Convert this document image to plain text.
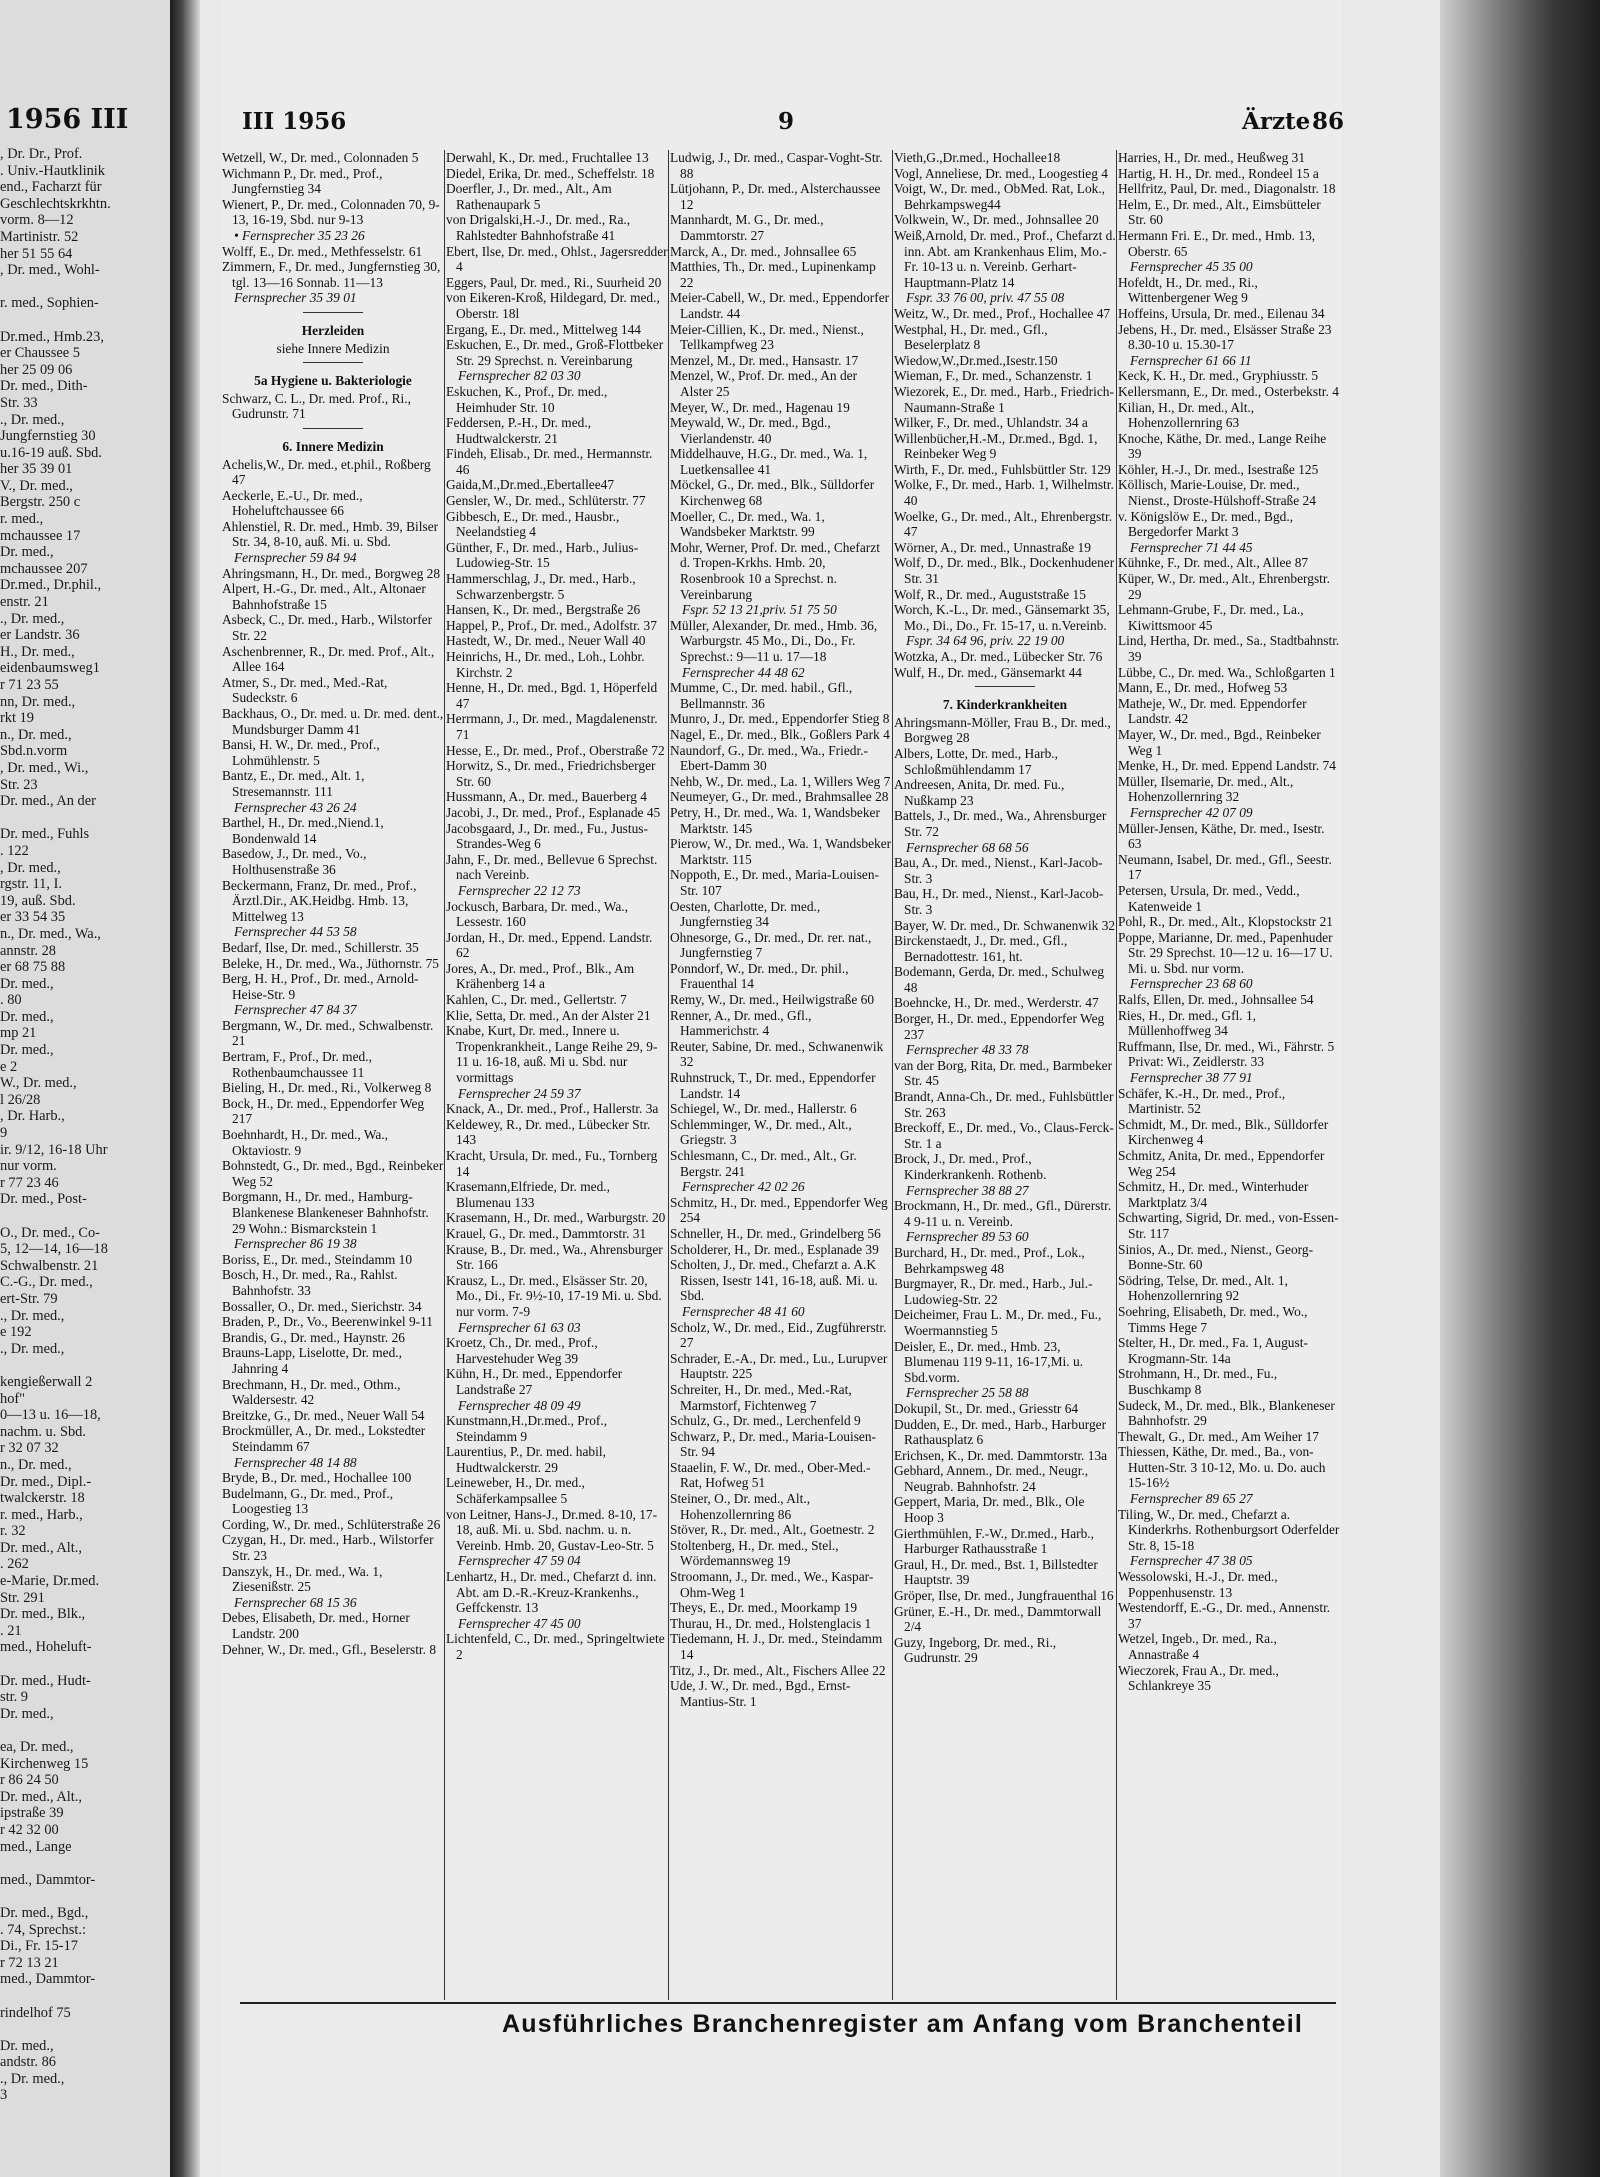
1956 III
, Dr. Dr., Prof.
. Univ.-Hautklinik
end., Facharzt für
Geschlechtskrkhtn.
vorm. 8—12
Martinistr. 52
her 51 55 64
, Dr. med., Wohl-
r. med., Sophien-
Dr.med., Hmb.23,
er Chaussee 5
her 25 09 06
Dr. med., Dith-
Str. 33
., Dr. med.,
Jungfernstieg 30
u.16-19 auß. Sbd.
her 35 39 01
V., Dr. med.,
Bergstr. 250 c
r. med.,
mchaussee 17
Dr. med.,
mchaussee 207
Dr.med., Dr.phil.,
enstr. 21
., Dr. med.,
er Landstr. 36
H., Dr. med.,
eidenbaumsweg1
r 71 23 55
nn, Dr. med.,
rkt 19
n., Dr. med.,
Sbd.n.vorm
, Dr. med., Wi.,
Str. 23
Dr. med., An der
Dr. med., Fuhls
. 122
, Dr. med.,
rgstr. 11, I.
19, auß. Sbd.
er 33 54 35
n., Dr. med., Wa.,
annstr. 28
er 68 75 88
Dr. med.,
. 80
Dr. med.,
mp 21
Dr. med.,
e 2
W., Dr. med.,
l 26/28
, Dr. Harb.,
9
ir. 9/12, 16-18 Uhr
nur vorm.
r 77 23 46
Dr. med., Post-
O., Dr. med., Co-
5, 12—14, 16—18
Schwalbenstr. 21
C.-G., Dr. med.,
ert-Str. 79
., Dr. med.,
e 192
., Dr. med.,
kengießerwall 2
hof"
0—13 u. 16—18,
nachm. u. Sbd.
r 32 07 32
n., Dr. med.,
Dr. med., Dipl.-
twalckerstr. 18
r. med., Harb.,
r. 32
Dr. med., Alt.,
. 262
e-Marie, Dr.med.
Str. 291
Dr. med., Blk.,
. 21
med., Hoheluft-
Dr. med., Hudt-
str. 9
Dr. med.,
ea, Dr. med.,
Kirchenweg 15
r 86 24 50
Dr. med., Alt.,
ipstraße 39
r 42 32 00
med., Lange
med., Dammtor-
Dr. med., Bgd.,
. 74, Sprechst.:
Di., Fr. 15-17
r 72 13 21
med., Dammtor-
rindelhof 75
Dr. med.,
andstr. 86
., Dr. med.,
3
III 1956	9	Ärzte 86
Wetzell, W., Dr. med., Colonnaden 5
Wichmann P., Dr. med., Prof., Jungfernstieg 34
Wienert, P., Dr. med., Colonnaden 70, 9-13, 16-19, Sbd. nur 9-13
• Fernsprecher 35 23 26
Wolff, E., Dr. med., Methfesselstr. 61
Zimmern, F., Dr. med., Jungfernstieg 30, tgl. 13—16 Sonnab. 11—13
Fernsprecher 35 39 01
Herzleiden
siehe Innere Medizin
5a Hygiene u. Bakteriologie
Schwarz, C. L., Dr. med. Prof., Ri., Gudrunstr. 71
6. Innere Medizin
Achelis,W., Dr. med., et.phil., Roßberg 47
Aeckerle, E.-U., Dr. med., Hoheluftchaussee 66
Ahlenstiel, R. Dr. med., Hmb. 39, Bilser Str. 34, 8-10, auß. Mi. u. Sbd.
Fernsprecher 59 84 94
Ahringsmann, H., Dr. med., Borgweg 28
Alpert, H.-G., Dr. med., Alt., Altonaer Bahnhofstraße 15
Asbeck, C., Dr. med., Harb., Wilstorfer Str. 22
Aschenbrenner, R., Dr. med. Prof., Alt., Allee 164
Atmer, S., Dr. med., Med.-Rat, Sudeckstr. 6
Backhaus, O., Dr. med. u. Dr. med. dent., Mundsburger Damm 41
Bansi, H. W., Dr. med., Prof., Lohmühlenstr. 5
Bantz, E., Dr. med., Alt. 1, Stresemannstr. 111
Fernsprecher 43 26 24
Barthel, H., Dr. med.,Niend.1, Bondenwald 14
Basedow, J., Dr. med., Vo., Holthusenstraße 36
Beckermann, Franz, Dr. med., Prof., Ärztl.Dir., AK.Heidbg. Hmb. 13, Mittelweg 13
Fernsprecher 44 53 58
Bedarf, Ilse, Dr. med., Schillerstr. 35
Beleke, H., Dr. med., Wa., Jüthornstr. 75
Berg, H. H., Prof., Dr. med., Arnold-Heise-Str. 9
Fernsprecher 47 84 37
Bergmann, W., Dr. med., Schwalbenstr. 21
Bertram, F., Prof., Dr. med., Rothenbaumchaussee 11
Bieling, H., Dr. med., Ri., Volkerweg 8
Bock, H., Dr. med., Eppendorfer Weg 217
Boehnhardt, H., Dr. med., Wa., Oktaviostr. 9
Bohnstedt, G., Dr. med., Bgd., Reinbeker Weg 52
Borgmann, H., Dr. med., Hamburg-Blankenese Blankeneser Bahnhofstr. 29 Wohn.: Bismarckstein 1
Fernsprecher 86 19 38
Boriss, E., Dr. med., Steindamm 10
Bosch, H., Dr. med., Ra., Rahlst. Bahnhofstr. 33
Bossaller, O., Dr. med., Sierichstr. 34
Braden, P., Dr., Vo., Beerenwinkel 9-11
Brandis, G., Dr. med., Haynstr. 26
Brauns-Lapp, Liselotte, Dr. med., Jahnring 4
Brechmann, H., Dr. med., Othm., Waldersestr. 42
Breitzke, G., Dr. med., Neuer Wall 54
Brockmüller, A., Dr. med., Lokstedter Steindamm 67
Fernsprecher 48 14 88
Bryde, B., Dr. med., Hochallee 100
Budelmann, G., Dr. med., Prof., Loogestieg 13
Cording, W., Dr. med., Schlüterstraße 26
Czygan, H., Dr. med., Harb., Wilstorfer Str. 23
Danszyk, H., Dr. med., Wa. 1, Ziesenißstr. 25
Fernsprecher 68 15 36
Debes, Elisabeth, Dr. med., Horner Landstr. 200
Dehner, W., Dr. med., Gfl., Beselerstr. 8
Derwahl, K., Dr. med., Fruchtallee 13
Diedel, Erika, Dr. med., Scheffelstr. 18
Doerfler, J., Dr. med., Alt., Am Rathenaupark 5
von Drigalski,H.-J., Dr. med., Ra., Rahlstedter Bahnhofstraße 41
Ebert, Ilse, Dr. med., Ohlst., Jagersredder 4
Eggers, Paul, Dr. med., Ri., Suurheid 20
von Eikeren-Kroß, Hildegard, Dr. med., Oberstr. 18l
Ergang, E., Dr. med., Mittelweg 144
Eskuchen, E., Dr. med., Groß-Flottbeker Str. 29 Sprechst. n. Vereinbarung
Fernsprecher 82 03 30
Eskuchen, K., Prof., Dr. med., Heimhuder Str. 10
Feddersen, P.-H., Dr. med., Hudtwalckerstr. 21
Findeh, Elisab., Dr. med., Hermannstr. 46
Gaida,M.,Dr.med.,Ebertallee47
Gensler, W., Dr. med., Schlüterstr. 77
Gibbesch, E., Dr. med., Hausbr., Neelandstieg 4
Günther, F., Dr. med., Harb., Julius-Ludowieg-Str. 15
Hammerschlag, J., Dr. med., Harb., Schwarzenbergstr. 5
Hansen, K., Dr. med., Bergstraße 26
Happel, P., Prof., Dr. med., Adolfstr. 37
Hastedt, W., Dr. med., Neuer Wall 40
Heinrichs, H., Dr. med., Loh., Lohbr. Kirchstr. 2
Henne, H., Dr. med., Bgd. 1, Höperfeld 47
Herrmann, J., Dr. med., Magdalenenstr. 71
Hesse, E., Dr. med., Prof., Oberstraße 72
Horwitz, S., Dr. med., Friedrichsberger Str. 60
Hussmann, A., Dr. med., Bauerberg 4
Jacobi, J., Dr. med., Prof., Esplanade 45
Jacobsgaard, J., Dr. med., Fu., Justus-Strandes-Weg 6
Jahn, F., Dr. med., Bellevue 6 Sprechst. nach Vereinb.
Fernsprecher 22 12 73
Jockusch, Barbara, Dr. med., Wa., Lessestr. 160
Jordan, H., Dr. med., Eppend. Landstr. 62
Jores, A., Dr. med., Prof., Blk., Am Krähenberg 14 a
Kahlen, C., Dr. med., Gellertstr. 7
Klie, Setta, Dr. med., An der Alster 21
Knabe, Kurt, Dr. med., Innere u. Tropenkrankheit., Lange Reihe 29, 9-11 u. 16-18, auß. Mi u. Sbd. nur vormittags
Fernsprecher 24 59 37
Knack, A., Dr. med., Prof., Hallerstr. 3a
Keldewey, R., Dr. med., Lübecker Str. 143
Kracht, Ursula, Dr. med., Fu., Tornberg 14
Krasemann,Elfriede, Dr. med., Blumenau 133
Krasemann, H., Dr. med., Warburgstr. 20
Krauel, G., Dr. med., Dammtorstr. 31
Krause, B., Dr. med., Wa., Ahrensburger Str. 166
Krausz, L., Dr. med., Elsässer Str. 20, Mo., Di., Fr. 9½-10, 17-19 Mi. u. Sbd. nur vorm. 7-9
Fernsprecher 61 63 03
Kroetz, Ch., Dr. med., Prof., Harvestehuder Weg 39
Kühn, H., Dr. med., Eppendorfer Landstraße 27
Fernsprecher 48 09 49
Kunstmann,H.,Dr.med., Prof., Steindamm 9
Laurentius, P., Dr. med. habil, Hudtwalckerstr. 29
Leineweber, H., Dr. med., Schäferkampsallee 5
von Leitner, Hans-J., Dr.med. 8-10, 17-18, auß. Mi. u. Sbd. nachm. u. n. Vereinb. Hmb. 20, Gustav-Leo-Str. 5
Fernsprecher 47 59 04
Lenhartz, H., Dr. med., Chefarzt d. inn. Abt. am D.-R.-Kreuz-Krankenhs., Geffckenstr. 13
Fernsprecher 47 45 00
Lichtenfeld, C., Dr. med., Springeltwiete 2
Ludwig, J., Dr. med., Caspar-Voght-Str. 88
Lütjohann, P., Dr. med., Alsterchaussee 12
Mannhardt, M. G., Dr. med., Dammtorstr. 27
Marck, A., Dr. med., Johnsallee 65
Matthies, Th., Dr. med., Lupinenkamp 22
Meier-Cabell, W., Dr. med., Eppendorfer Landstr. 44
Meier-Cillien, K., Dr. med., Nienst., Tellkampfweg 23
Menzel, M., Dr. med., Hansastr. 17
Menzel, W., Prof. Dr. med., An der Alster 25
Meyer, W., Dr. med., Hagenau 19
Meywald, W., Dr. med., Bgd., Vierlandenstr. 40
Middelhauve, H.G., Dr. med., Wa. 1, Luetkensallee 41
Möckel, G., Dr. med., Blk., Sülldorfer Kirchenweg 68
Moeller, C., Dr. med., Wa. 1, Wandsbeker Marktstr. 99
Mohr, Werner, Prof. Dr. med., Chefarzt d. Tropen-Krkhs. Hmb. 20, Rosenbrook 10 a Sprechst. n. Vereinbarung
Fspr. 52 13 21,priv. 51 75 50
Müller, Alexander, Dr. med., Hmb. 36, Warburgstr. 45 Mo., Di., Do., Fr. Sprechst.: 9—11 u. 17—18
Fernsprecher 44 48 62
Mumme, C., Dr. med. habil., Gfl., Bellmannstr. 36
Munro, J., Dr. med., Eppendorfer Stieg 8
Nagel, E., Dr. med., Blk., Goßlers Park 4
Naundorf, G., Dr. med., Wa., Friedr.-Ebert-Damm 30
Nehb, W., Dr. med., La. 1, Willers Weg 7
Neumeyer, G., Dr. med., Brahmsallee 28
Petry, H., Dr. med., Wa. 1, Wandsbeker Marktstr. 145
Pierow, W., Dr. med., Wa. 1, Wandsbeker Marktstr. 115
Noppoth, E., Dr. med., Maria-Louisen-Str. 107
Oesten, Charlotte, Dr. med., Jungfernstieg 34
Ohnesorge, G., Dr. med., Dr. rer. nat., Jungfernstieg 7
Ponndorf, W., Dr. med., Dr. phil., Frauenthal 14
Remy, W., Dr. med., Heilwigstraße 60
Renner, A., Dr. med., Gfl., Hammerichstr. 4
Reuter, Sabine, Dr. med., Schwanenwik 32
Ruhnstruck, T., Dr. med., Eppendorfer Landstr. 14
Schiegel, W., Dr. med., Hallerstr. 6
Schlemminger, W., Dr. med., Alt., Griegstr. 3
Schlesmann, C., Dr. med., Alt., Gr. Bergstr. 241
Fernsprecher 42 02 26
Schmitz, H., Dr. med., Eppendorfer Weg 254
Schneller, H., Dr. med., Grindelberg 56
Scholderer, H., Dr. med., Esplanade 39
Scholten, J., Dr. med., Chefarzt a. A.K Rissen, Isestr 141, 16-18, auß. Mi. u. Sbd.
Fernsprecher 48 41 60
Scholz, W., Dr. med., Eid., Zugführerstr. 27
Schrader, E.-A., Dr. med., Lu., Lurupver Hauptstr. 225
Schreiter, H., Dr. med., Med.-Rat, Marmstorf, Fichtenweg 7
Schulz, G., Dr. med., Lerchenfeld 9
Schwarz, P., Dr. med., Maria-Louisen-Str. 94
Staaelin, F. W., Dr. med., Ober-Med.-Rat, Hofweg 51
Steiner, O., Dr. med., Alt., Hohenzollernring 86
Stöver, R., Dr. med., Alt., Goetnestr. 2
Stoltenberg, H., Dr. med., Stel., Wördemannsweg 19
Stroomann, J., Dr. med., We., Kaspar-Ohm-Weg 1
Theys, E., Dr. med., Moorkamp 19
Thurau, H., Dr. med., Holstenglacis 1
Tiedemann, H. J., Dr. med., Steindamm 14
Titz, J., Dr. med., Alt., Fischers Allee 22
Ude, J. W., Dr. med., Bgd., Ernst-Mantius-Str. 1
Vieth,G.,Dr.med., Hochallee18
Vogl, Anneliese, Dr. med., Loogestieg 4
Voigt, W., Dr. med., ObMed. Rat, Lok., Behrkampsweg44
Volkwein, W., Dr. med., Johnsallee 20
Weiß,Arnold, Dr. med., Prof., Chefarzt d. inn. Abt. am Krankenhaus Elim, Mo.-Fr. 10-13 u. n. Vereinb. Gerhart-Hauptmann-Platz 14
Fspr. 33 76 00, priv. 47 55 08
Weitz, W., Dr. med., Prof., Hochallee 47
Westphal, H., Dr. med., Gfl., Beselerplatz 8
Wiedow,W.,Dr.med.,Isestr.150
Wieman, F., Dr. med., Schanzenstr. 1
Wiezorek, E., Dr. med., Harb., Friedrich-Naumann-Straße 1
Wilker, F., Dr. med., Uhlandstr. 34 a
Willenbücher,H.-M., Dr.med., Bgd. 1, Reinbeker Weg 9
Wirth, F., Dr. med., Fuhlsbüttler Str. 129
Wolke, F., Dr. med., Harb. 1, Wilhelmstr. 40
Woelke, G., Dr. med., Alt., Ehrenbergstr. 47
Wörner, A., Dr. med., Unnastraße 19
Wolf, D., Dr. med., Blk., Dockenhudener Str. 31
Wolf, R., Dr. med., Auguststraße 15
Worch, K.-L., Dr. med., Gänsemarkt 35, Mo., Di., Do., Fr. 15-17, u. n.Vereinb.
Fspr. 34 64 96, priv. 22 19 00
Wotzka, A., Dr. med., Lübecker Str. 76
Wulf, H., Dr. med., Gänsemarkt 44
7. Kinderkrankheiten
Ahringsmann-Möller, Frau B., Dr. med., Borgweg 28
Albers, Lotte, Dr. med., Harb., Schloßmühlendamm 17
Andreesen, Anita, Dr. med. Fu., Nußkamp 23
Battels, J., Dr. med., Wa., Ahrensburger Str. 72
Fernsprecher 68 68 56
Bau, A., Dr. med., Nienst., Karl-Jacob-Str. 3
Bau, H., Dr. med., Nienst., Karl-Jacob-Str. 3
Bayer, W. Dr. med., Dr. Schwanenwik 32
Birckenstaedt, J., Dr. med., Gfl., Bernadottestr. 161, ht.
Bodemann, Gerda, Dr. med., Schulweg 48
Boehncke, H., Dr. med., Werderstr. 47
Borger, H., Dr. med., Eppendorfer Weg 237
Fernsprecher 48 33 78
van der Borg, Rita, Dr. med., Barmbeker Str. 45
Brandt, Anna-Ch., Dr. med., Fuhlsbüttler Str. 263
Breckoff, E., Dr. med., Vo., Claus-Ferck-Str. 1 a
Brock, J., Dr. med., Prof., Kinderkrankenh. Rothenb.
Fernsprecher 38 88 27
Brockmann, H., Dr. med., Gfl., Dürerstr. 4 9-11 u. n. Vereinb.
Fernsprecher 89 53 60
Burchard, H., Dr. med., Prof., Lok., Behrkampsweg 48
Burgmayer, R., Dr. med., Harb., Jul.-Ludowieg-Str. 22
Deicheimer, Frau L. M., Dr. med., Fu., Woermannstieg 5
Deisler, E., Dr. med., Hmb. 23, Blumenau 119 9-11, 16-17,Mi. u. Sbd.vorm.
Fernsprecher 25 58 88
Dokupil, St., Dr. med., Griesstr 64
Dudden, E., Dr. med., Harb., Harburger Rathausplatz 6
Erichsen, K., Dr. med. Dammtorstr. 13a
Gebhard, Annem., Dr. med., Neugr., Neugrab. Bahnhofstr. 24
Geppert, Maria, Dr. med., Blk., Ole Hoop 3
Gierthmühlen, F.-W., Dr.med., Harb., Harburger Rathausstraße 1
Graul, H., Dr. med., Bst. 1, Billstedter Hauptstr. 39
Gröper, Ilse, Dr. med., Jungfrauenthal 16
Grüner, E.-H., Dr. med., Dammtorwall 2/4
Guzy, Ingeborg, Dr. med., Ri., Gudrunstr. 29
Harries, H., Dr. med., Heußweg 31
Hartig, H. H., Dr. med., Rondeel 15 a
Hellfritz, Paul, Dr. med., Diagonalstr. 18
Helm, E., Dr. med., Alt., Eimsbütteler Str. 60
Hermann Fri. E., Dr. med., Hmb. 13, Oberstr. 65
Fernsprecher 45 35 00
Hofeldt, H., Dr. med., Ri., Wittenbergener Weg 9
Hoffeins, Ursula, Dr. med., Eilenau 34
Jebens, H., Dr. med., Elsässer Straße 23 8.30-10 u. 15.30-17
Fernsprecher 61 66 11
Keck, K. H., Dr. med., Gryphiusstr. 5
Kellersmann, E., Dr. med., Osterbekstr. 4
Kilian, H., Dr. med., Alt., Hohenzollernring 63
Knoche, Käthe, Dr. med., Lange Reihe 39
Köhler, H.-J., Dr. med., Isestraße 125
Köllisch, Marie-Louise, Dr. med., Nienst., Droste-Hülshoff-Straße 24
v. Königslöw E., Dr. med., Bgd., Bergedorfer Markt 3
Fernsprecher 71 44 45
Kühnke, F., Dr. med., Alt., Allee 87
Küper, W., Dr. med., Alt., Ehrenbergstr. 29
Lehmann-Grube, F., Dr. med., La., Kiwittsmoor 45
Lind, Hertha, Dr. med., Sa., Stadtbahnstr. 39
Lübbe, C., Dr. med. Wa., Schloßgarten 1
Mann, E., Dr. med., Hofweg 53
Matheje, W., Dr. med. Eppendorfer Landstr. 42
Mayer, W., Dr. med., Bgd., Reinbeker Weg 1
Menke, H., Dr. med. Eppend Landstr. 74
Müller, Ilsemarie, Dr. med., Alt., Hohenzollernring 32
Fernsprecher 42 07 09
Müller-Jensen, Käthe, Dr. med., Isestr. 63
Neumann, Isabel, Dr. med., Gfl., Seestr. 17
Petersen, Ursula, Dr. med., Vedd., Katenweide 1
Pohl, R., Dr. med., Alt., Klopstockstr 21
Poppe, Marianne, Dr. med., Papenhuder Str. 29 Sprechst. 10—12 u. 16—17 U. Mi. u. Sbd. nur vorm.
Fernsprecher 23 68 60
Ralfs, Ellen, Dr. med., Johnsallee 54
Ries, H., Dr. med., Gfl. 1, Müllenhoffweg 34
Ruffmann, Ilse, Dr. med., Wi., Fährstr. 5 Privat: Wi., Zeidlerstr. 33
Fernsprecher 38 77 91
Schäfer, K.-H., Dr. med., Prof., Martinistr. 52
Schmidt, M., Dr. med., Blk., Sülldorfer Kirchenweg 4
Schmitz, Anita, Dr. med., Eppendorfer Weg 254
Schmitz, H., Dr. med., Winterhuder Marktplatz 3/4
Schwarting, Sigrid, Dr. med., von-Essen-Str. 117
Sinios, A., Dr. med., Nienst., Georg-Bonne-Str. 60
Södring, Telse, Dr. med., Alt. 1, Hohenzollernring 92
Soehring, Elisabeth, Dr. med., Wo., Timms Hege 7
Stelter, H., Dr. med., Fa. 1, August-Krogmann-Str. 14a
Strohmann, H., Dr. med., Fu., Buschkamp 8
Sudeck, M., Dr. med., Blk., Blankeneser Bahnhofstr. 29
Thewalt, G., Dr. med., Am Weiher 17
Thiessen, Käthe, Dr. med., Ba., von-Hutten-Str. 3 10-12, Mo. u. Do. auch 15-16½
Fernsprecher 89 65 27
Tiling, W., Dr. med., Chefarzt a. Kinderkrhs. Rothenburgsort Oderfelder Str. 8, 15-18
Fernsprecher 47 38 05
Wessolowski, H.-J., Dr. med., Poppenhusenstr. 13
Westendorff, E.-G., Dr. med., Annenstr. 37
Wetzel, Ingeb., Dr. med., Ra., Annastraße 4
Wieczorek, Frau A., Dr. med., Schlankreye 35
Ausführliches Branchenregister am Anfang vom Branchenteil
